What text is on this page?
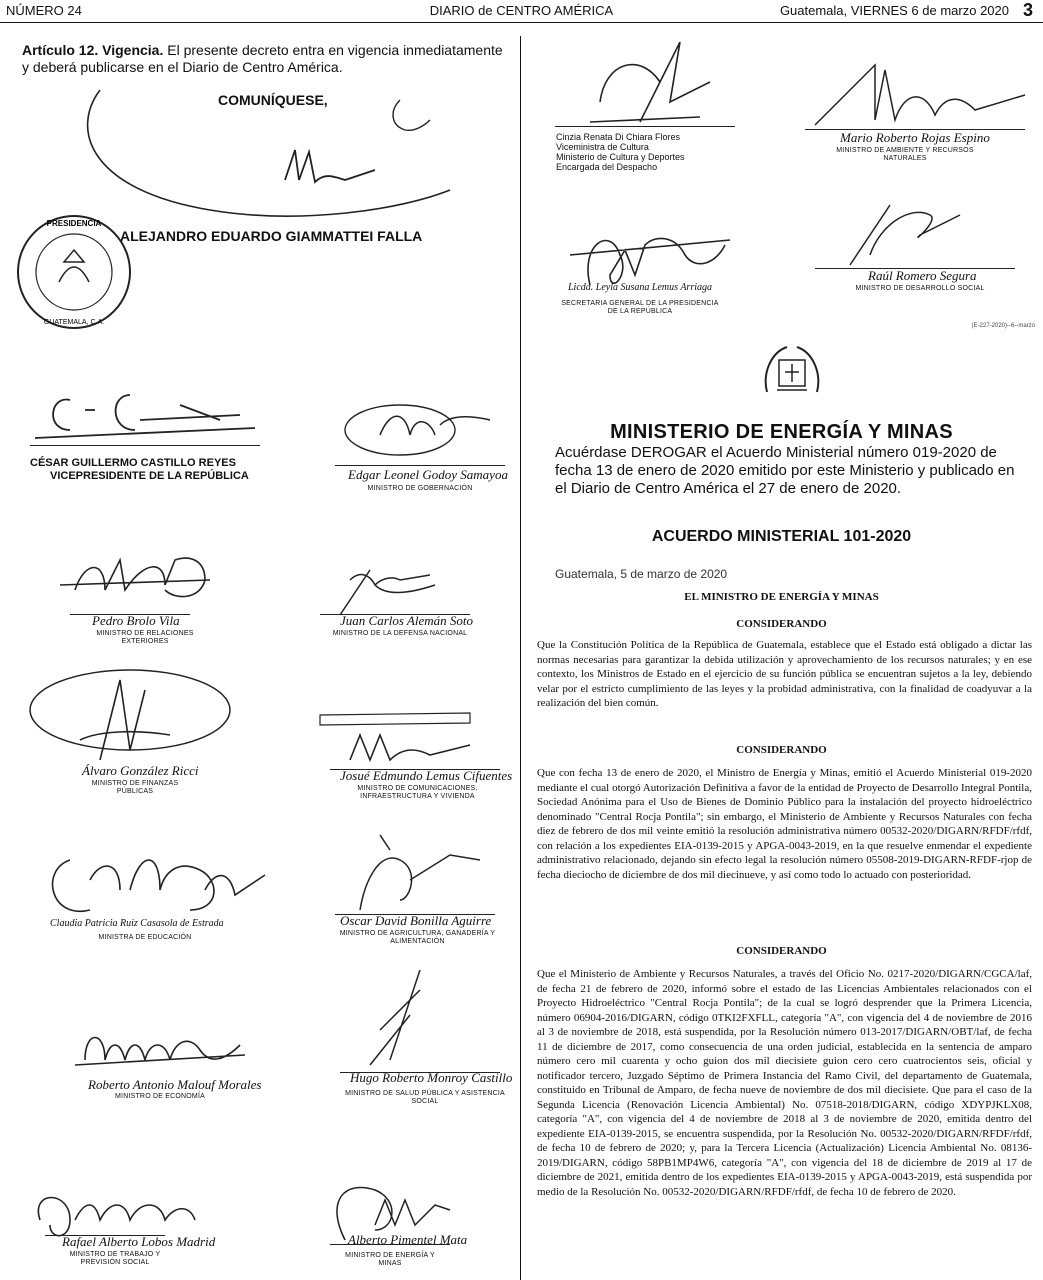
NÚMERO 24	DIARIO de CENTRO AMÉRICA	Guatemala, VIERNES 6 de marzo 2020 3
Artículo 12. Vigencia. El presente decreto entra en vigencia inmediatamente y deberá publicarse en el Diario de Centro América.
COMUNÍQUESE,
ALEJANDRO EDUARDO GIAMMATTEI FALLA
PRESIDENCIA
GUATEMALA, C.A.
CÉSAR GUILLERMO CASTILLO REYES
VICEPRESIDENTE DE LA REPÚBLICA	Edgar Leonel Godoy Samayoa
MINISTRO DE GOBERNACIÓN
Pedro Brolo Vila
MINISTRO DE RELACIONES EXTERIORES
Juan Carlos Alemán Soto
MINISTRO DE LA DEFENSA NACIONAL
Álvaro González Ricci
MINISTRO DE FINANZAS PÚBLICAS
Josué Edmundo Lemus Cifuentes
MINISTRO DE COMUNICACIONES, INFRAESTRUCTURA Y VIVIENDA
Claudia Patricia Ruiz Casasola de Estrada
MINISTRA DE EDUCACIÓN
Oscar David Bonilla Aguirre
MINISTRO DE AGRICULTURA, GANADERÍA Y ALIMENTACIÓN
Roberto Antonio Malouf Morales
MINISTRO DE ECONOMÍA
Hugo Roberto Monroy Castillo
MINISTRO DE SALUD PÚBLICA Y ASISTENCIA SOCIAL
Rafael Alberto Lobos Madrid
MINISTRO DE TRABAJO Y PREVISIÓN SOCIAL
Alberto Pimentel Mata
MINISTRO DE ENERGÍA Y MINAS
Cinzia Renata Di Chiara Flores
Viceministra de Cultura
Ministerio de Cultura y Deportes
Encargada del Despacho
Mario Roberto Rojas Espino
MINISTRO DE AMBIENTE Y RECURSOS NATURALES
Licda. Leyla Susana Lemus Arriaga
SECRETARIA GENERAL DE LA PRESIDENCIA DE LA REPÚBLICA
Raúl Romero Segura
MINISTRO DE DESARROLLO SOCIAL
(E-227-2020)--6--marzo
MINISTERIO DE ENERGÍA Y MINAS
Acuérdase DEROGAR el Acuerdo Ministerial número 019-2020 de fecha 13 de enero de 2020 emitido por este Ministerio y publicado en el Diario de Centro América el 27 de enero de 2020.
ACUERDO MINISTERIAL 101-2020
Guatemala, 5 de marzo de 2020
EL MINISTRO DE ENERGÍA Y MINAS
CONSIDERANDO
Que la Constitución Política de la República de Guatemala, establece que el Estado está obligado a dictar las normas necesarias para garantizar la debida utilización y aprovechamiento de los recursos naturales; y en ese contexto, los Ministros de Estado en el ejercicio de su función pública se encuentran sujetos a la ley, debiendo velar por el estricto cumplimiento de las leyes y la probidad administrativa, con la finalidad de coadyuvar a la realización del bien común.
CONSIDERANDO
Que con fecha 13 de enero de 2020, el Ministro de Energía y Minas, emitió el Acuerdo Ministerial 019-2020 mediante el cual otorgó Autorización Definitiva a favor de la entidad de Proyecto de Desarrollo Integral Pontila, Sociedad Anónima para el Uso de Bienes de Dominio Público para la instalación del proyecto hidroeléctrico denominado "Central Rocja Pontila"; sin embargo, el Ministerio de Ambiente y Recursos Naturales con fecha diez de febrero de dos mil veinte emitió la resolución administrativa número 00532-2020/DIGARN/RFDF/rfdf, con relación a los expedientes EIA-0139-2015 y APGA-0043-2019, en la que resuelve enmendar el expediente administrativo relacionado, dejando sin efecto legal la resolución número 05508-2019-DIGARN-RFDF-rjop de fecha dieciocho de diciembre de dos mil diecinueve, y así como todo lo actuado con posterioridad.
CONSIDERANDO
Que el Ministerio de Ambiente y Recursos Naturales, a través del Oficio No. 0217-2020/DIGARN/CGCA/laf, de fecha 21 de febrero de 2020, informó sobre el estado de las Licencias Ambientales relacionados con el Proyecto Hidroeléctrico "Central Rocja Pontila"; de la cual se logró desprender que la Primera Licencia, número 06904-2016/DIGARN, código 0TKI2FXFLL, categoría "A", con vigencia del 4 de noviembre de 2016 al 3 de noviembre de 2018, está suspendida, por la Resolución número 013-2017/DIGARN/OBT/laf, de fecha 11 de diciembre de 2017, como consecuencia de una orden judicial, establecida en la sentencia de amparo número cero mil cuarenta y ocho guion dos mil diecisiete guion cero cero cuatrocientos seis, oficial y notificador tercero, Juzgado Séptimo de Primera Instancia del Ramo Civil, del departamento de Guatemala, constituido en Tribunal de Amparo, de fecha nueve de noviembre de dos mil diecisiete. Que para el caso de la Segunda Licencia (Renovación Licencia Ambiental) No. 07518-2018/DIGARN, código XDYPJKLX08, categoría "A", con vigencia del 4 de noviembre de 2018 al 3 de noviembre de 2020, emitida dentro del expediente EIA-0139-2015, se encuentra suspendida, por la Resolución No. 00532-2020/DIGARN/RFDF/rfdf, de fecha 10 de febrero de 2020; y, para la Tercera Licencia (Actualización) Licencia Ambiental No. 08136-2019/DIGARN, código 58PB1MP4W6, categoría "A", con vigencia del 18 de diciembre de 2019 al 17 de diciembre de 2021, emitida dentro de los expedientes EIA-0139-2015 y APGA-0043-2019, está suspendida por medio de la Resolución No. 00532-2020/DIGARN/RFDF/rfdf, de fecha 10 de febrero de 2020.
